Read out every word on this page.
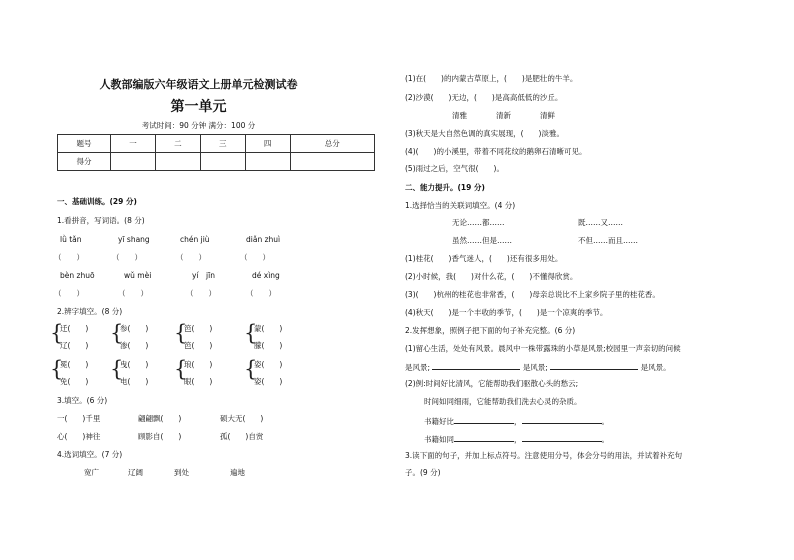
人教部编版六年级语文上册单元检测试卷
第一单元
考试时间：90 分钟 满分：100 分
题号	一	二	三	四	总分
得分					
一、基础训练。(29 分)
1.看拼音，写词语。(8 分)
lǜ tǎn	yī shang	chén jiù	diǎn zhuì
（　　）	（　　）	（　　）	（　　）
bèn zhuō	wǔ mèi	yí　jīn	dé xìng
（　　）	（　　）	（　　）	（　　）
2.辨字填空。(8 分)
{
迁(　　)
辽(　　)
{
参(　　)
渗(　　)
{
笆(　　)
笆(　　)
{
蒙(　　)
朦(　　)
{
冕(　　)
免(　　)
{
曳(　　)
电(　　)
{
琅(　　)
眼(　　)
{
姿(　　)
姿(　　)
3.填空。(6 分)
一(　　)千里	翩翩飘(　　)	硕大无(　　)
心(　　)神往	顾影自(　　)	孤(　　)自赏
4.选词填空。(7 分)
宽广	辽阔	到处	遍地
(1)在(　　)的内蒙古草原上，(　　)是肥壮的牛羊。
(2)沙漠(　　)无边，(　　)是高高低低的沙丘。
清雅	清新	清鲜
(3)秋天是大自然色调的真实展现，(　　)淡雅。
(4)(　　)的小溪里，带着不同花纹的鹅卵石清晰可见。
(5)雨过之后，空气很(　　)。
二、能力提升。(19 分)
1.选择恰当的关联词填空。(4 分)
无论……都……	既……又……
虽然……但是……	不但……而且……
(1)桂花(　　)香气迷人，(　　)还有很多用处。
(2)小时候，我(　　)对什么花，(　　)不懂得欣赏。
(3)(　　)杭州的桂花也非常香，(　　)母亲总说比不上家乡院子里的桂花香。
(4)秋天(　　)是一个丰收的季节，(　　)是一个凉爽的季节。
2.发挥想象，照例子把下面的句子补充完整。(6 分)
(1)留心生活，处处有风景。晨风中一株带露珠的小草是风景;校园里一声亲切的问候
是风景;	是风景;	是风景。
(2)例:时间好比清风，它能帮助我们驱散心头的愁云;
时间如同细雨，它能帮助我们洗去心灵的杂质。
书籍好比	，	。
书籍如同	，	。
3.读下面的句子，并加上标点符号。注意使用分号，体会分号的用法，并试着补充句
子。(9 分)
